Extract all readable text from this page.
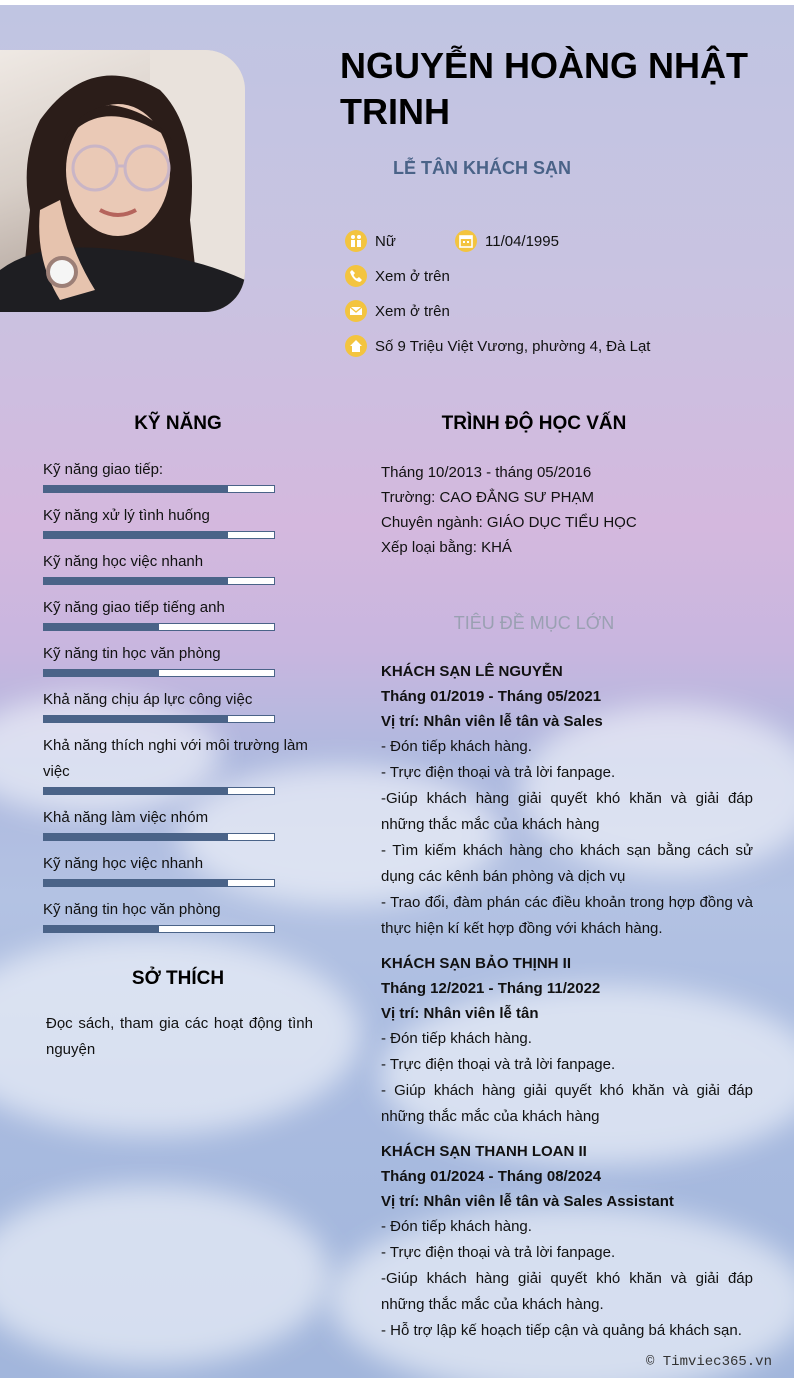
NGUYỄN HOÀNG NHẬT TRINH
LỄ TÂN KHÁCH SẠN
Nữ	11/04/1995
Xem ở trên
Xem ở trên
Số 9 Triệu Việt Vương, phường 4, Đà Lạt
KỸ NĂNG
Kỹ năng giao tiếp:
Kỹ năng xử lý tình huống
Kỹ năng học việc nhanh
Kỹ năng giao tiếp tiếng anh
Kỹ năng tin học văn phòng
Khả năng chịu áp lực công việc
Khả năng thích nghi với môi trường làm việc
Khả năng làm việc nhóm
Kỹ năng học việc nhanh
Kỹ năng tin học văn phòng
SỞ THÍCH
Đọc sách, tham gia các hoạt động tình nguyện
TRÌNH ĐỘ HỌC VẤN
Tháng 10/2013 - tháng 05/2016
Trường: CAO ĐẲNG SƯ PHẠM
Chuyên ngành: GIÁO DỤC TIỂU HỌC
Xếp loại bằng: KHÁ
TIÊU ĐỀ MỤC LỚN
KHÁCH SẠN LÊ NGUYỄN
Tháng 01/2019 - Tháng 05/2021
Vị trí: Nhân viên lễ tân và Sales
- Đón tiếp khách hàng.
- Trực điện thoại và trả lời fanpage.
-Giúp khách hàng giải quyết khó khăn và giải đáp những thắc mắc của khách hàng
- Tìm kiếm khách hàng cho khách sạn bằng cách sử dụng các kênh bán phòng và dịch vụ
- Trao đổi, đàm phán các điều khoản trong hợp đồng và thực hiện kí kết hợp đồng với khách hàng.
KHÁCH SẠN BẢO THỊNH II
Tháng 12/2021 - Tháng 11/2022
Vị trí: Nhân viên lễ tân
- Đón tiếp khách hàng.
- Trực điện thoại và trả lời fanpage.
- Giúp khách hàng giải quyết khó khăn và giải đáp những thắc mắc của khách hàng
KHÁCH SẠN THANH LOAN II
Tháng 01/2024 - Tháng 08/2024
Vị trí: Nhân viên lễ tân và Sales Assistant
- Đón tiếp khách hàng.
- Trực điện thoại và trả lời fanpage.
-Giúp khách hàng giải quyết khó khăn và giải đáp những thắc mắc của khách hàng.
- Hỗ trợ lập kế hoạch tiếp cận và quảng bá khách sạn.
© Timviec365.vn
